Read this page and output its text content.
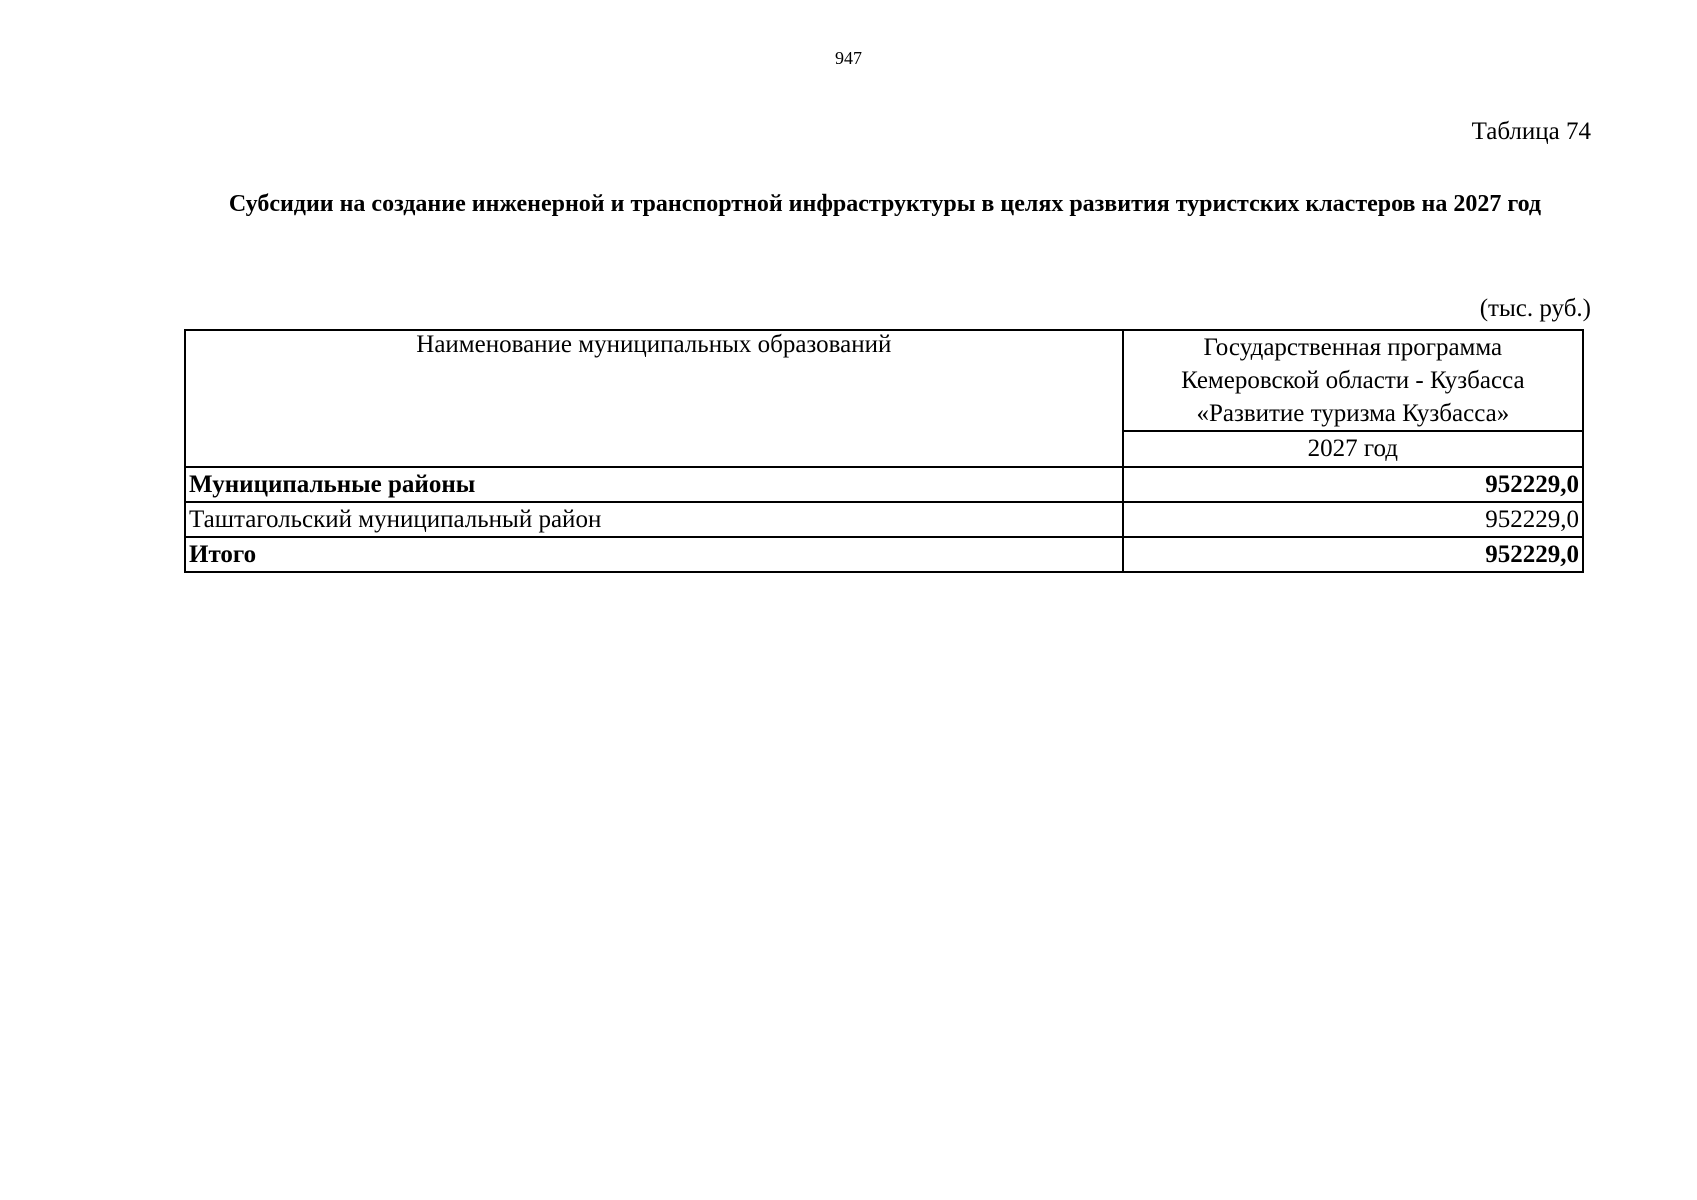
947
Таблица 74
Субсидии на создание инженерной и транспортной инфраструктуры в целях развития туристских кластеров на 2027 год
(тыс. руб.)
Наименование муниципальных образований	Государственная программа
Кемеровской области - Кузбасса
«Развитие туризма Кузбасса»

	2027 год
Муниципальные районы	952229,0
Таштагольский муниципальный район	952229,0
Итого	952229,0
